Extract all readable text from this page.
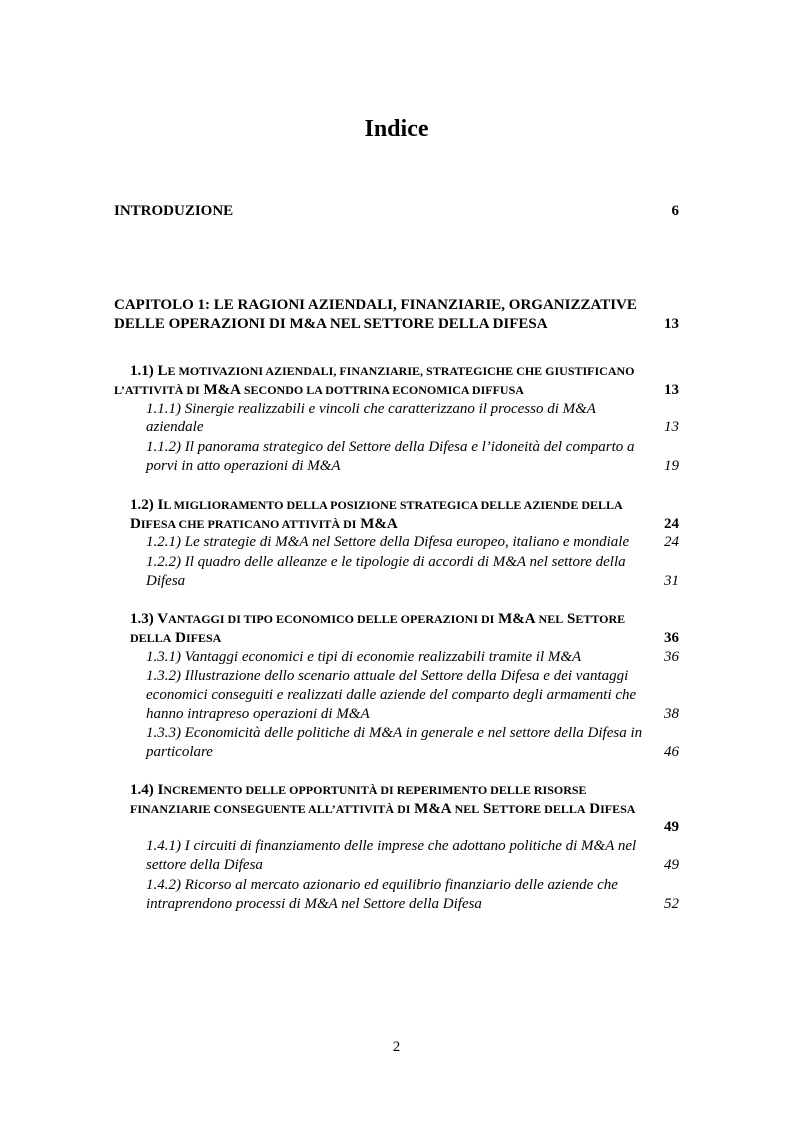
Indice
INTRODUZIONE	6
CAPITOLO 1: LE RAGIONI AZIENDALI, FINANZIARIE, ORGANIZZATIVE
DELLE OPERAZIONI DI M&A NEL SETTORE DELLA DIFESA	13
1.1) LE MOTIVAZIONI AZIENDALI, FINANZIARIE, STRATEGICHE CHE GIUSTIFICANO
L’ATTIVITÀ DI M&A SECONDO LA DOTTRINA ECONOMICA DIFFUSA	13
1.1.1) Sinergie realizzabili e vincoli che caratterizzano il processo di M&A
aziendale	13
1.1.2) Il panorama strategico del Settore della Difesa e l’idoneità del comparto a
porvi in atto operazioni di M&A	19
1.2) IL MIGLIORAMENTO DELLA POSIZIONE STRATEGICA DELLE AZIENDE DELLA
DIFESA CHE PRATICANO ATTIVITÀ DI M&A	24
1.2.1) Le strategie di M&A nel Settore della Difesa europeo, italiano e mondiale 24
1.2.2) Il quadro delle alleanze e le tipologie di accordi di M&A nel settore della
Difesa	31
1.3) VANTAGGI DI TIPO ECONOMICO DELLE OPERAZIONI DI M&A NEL SETTORE
DELLA DIFESA	36
1.3.1) Vantaggi economici e tipi di economie realizzabili tramite il M&A	36
1.3.2) Illustrazione dello scenario attuale del Settore della Difesa e dei vantaggi
economici conseguiti e realizzati dalle aziende del comparto degli armamenti che
hanno intrapreso operazioni di M&A	38
1.3.3) Economicità delle politiche di M&A in generale e nel settore della Difesa in
particolare	46
1.4) INCREMENTO DELLE OPPORTUNITÀ DI REPERIMENTO DELLE RISORSE
FINANZIARIE CONSEGUENTE ALL’ATTIVITÀ DI M&A NEL SETTORE DELLA DIFESA
49
1.4.1) I circuiti di finanziamento delle imprese che adottano politiche di M&A nel
settore della Difesa	49
1.4.2) Ricorso al mercato azionario ed equilibrio finanziario delle aziende che
intraprendono processi di M&A nel Settore della Difesa	52
2
